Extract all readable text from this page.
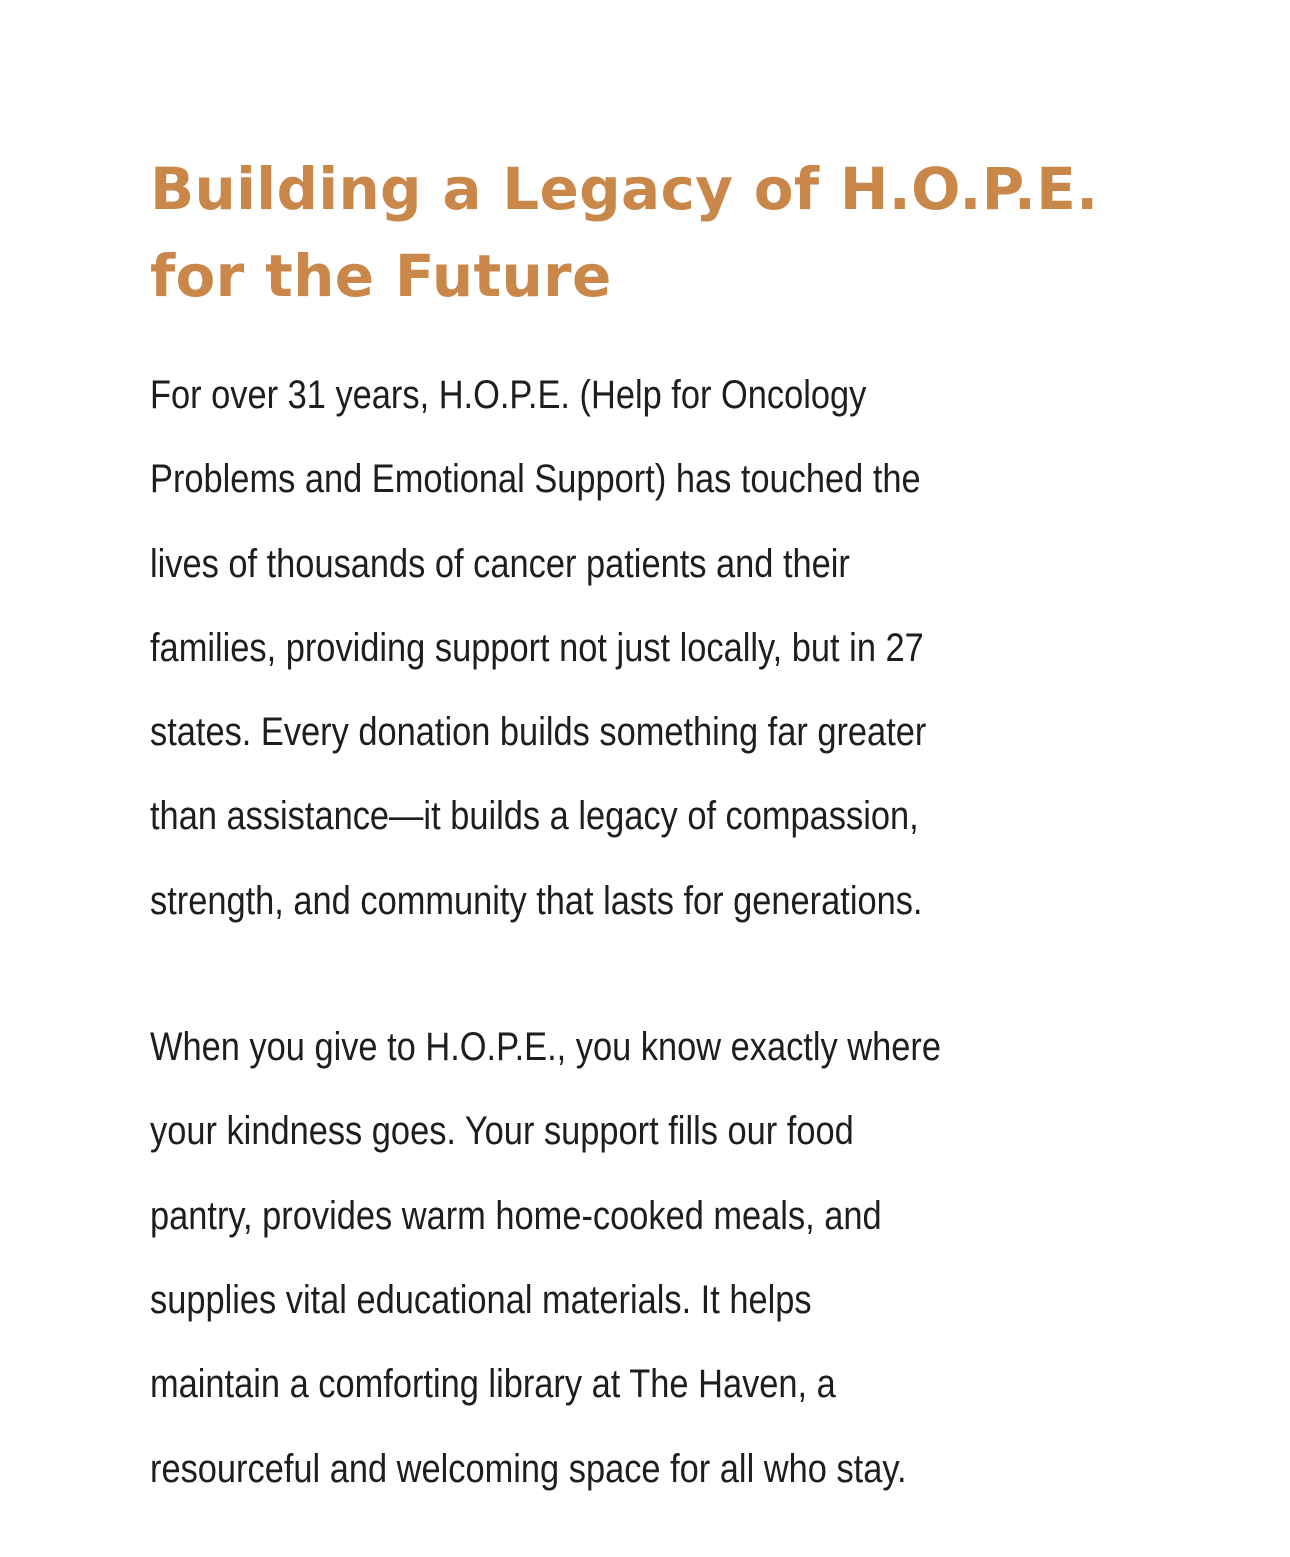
Building a Legacy of H.O.P.E.
for the Future

For over 31 years, H.O.P.E. (Help for Oncology
Problems and Emotional Support) has touched the
lives of thousands of cancer patients and their
families, providing support not just locally, but in 27
states. Every donation builds something far greater
than assistance—it builds a legacy of compassion,
strength, and community that lasts for generations.

When you give to H.O.P.E., you know exactly where
your kindness goes. Your support fills our food
pantry, provides warm home-cooked meals, and
supplies vital educational materials. It helps
maintain a comforting library at The Haven, a
resourceful and welcoming space for all who stay.
